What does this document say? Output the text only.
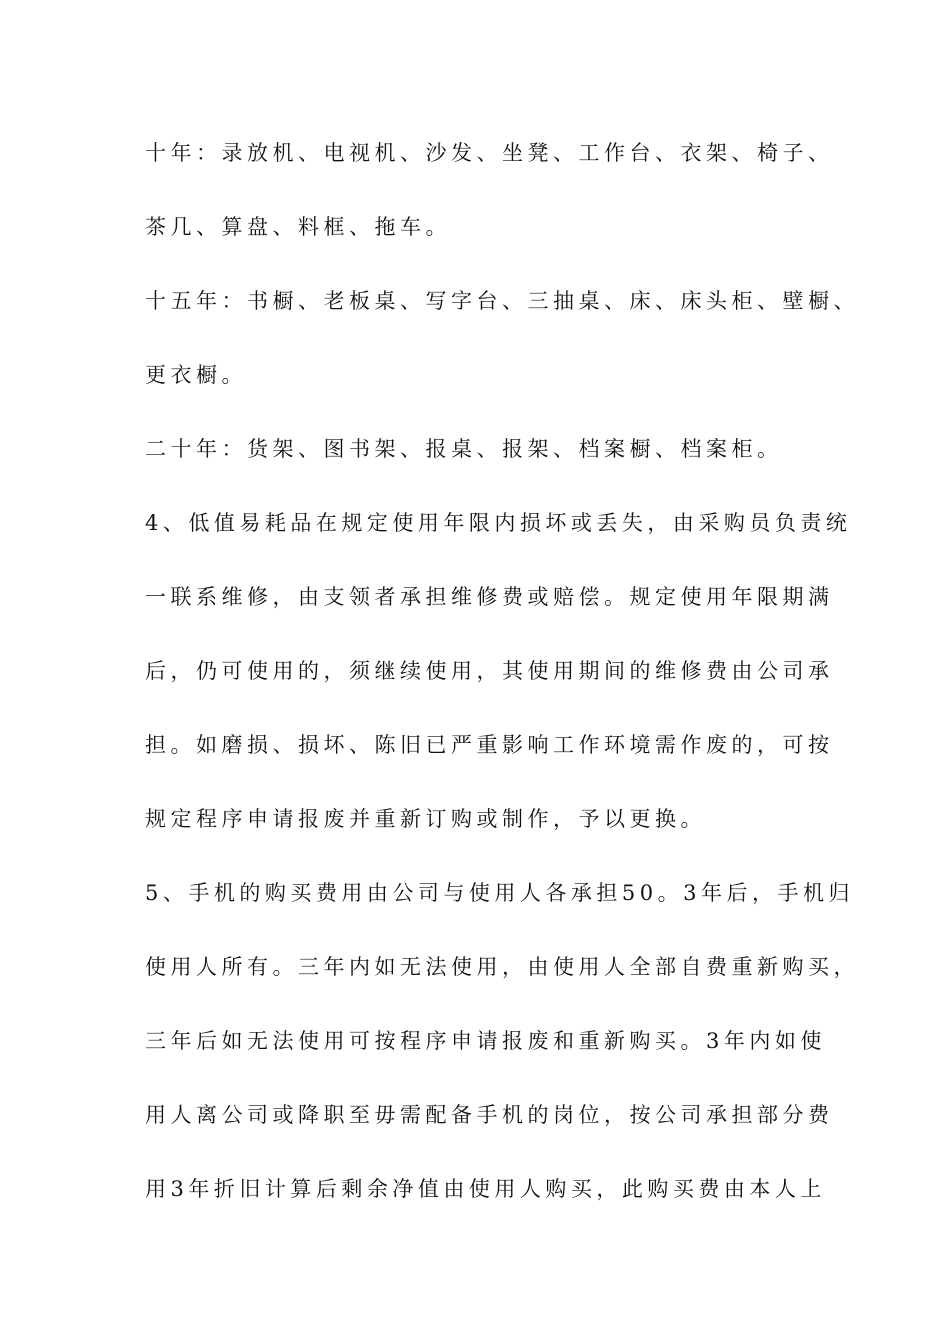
十年：录放机、电视机、沙发、坐凳、工作台、衣架、椅子、
茶几、算盘、料框、拖车。
十五年：书橱、老板桌、写字台、三抽桌、床、床头柜、壁橱、
更衣橱。
二十年：货架、图书架、报桌、报架、档案橱、档案柜。
4、低值易耗品在规定使用年限内损坏或丢失，由采购员负责统
一联系维修，由支领者承担维修费或赔偿。规定使用年限期满
后，仍可使用的，须继续使用，其使用期间的维修费由公司承
担。如磨损、损坏、陈旧已严重影响工作环境需作废的，可按
规定程序申请报废并重新订购或制作，予以更换。
5、手机的购买费用由公司与使用人各承担50。3年后，手机归
使用人所有。三年内如无法使用，由使用人全部自费重新购买，
三年后如无法使用可按程序申请报废和重新购买。3年内如使
用人离公司或降职至毋需配备手机的岗位，按公司承担部分费
用3年折旧计算后剩余净值由使用人购买，此购买费由本人上
